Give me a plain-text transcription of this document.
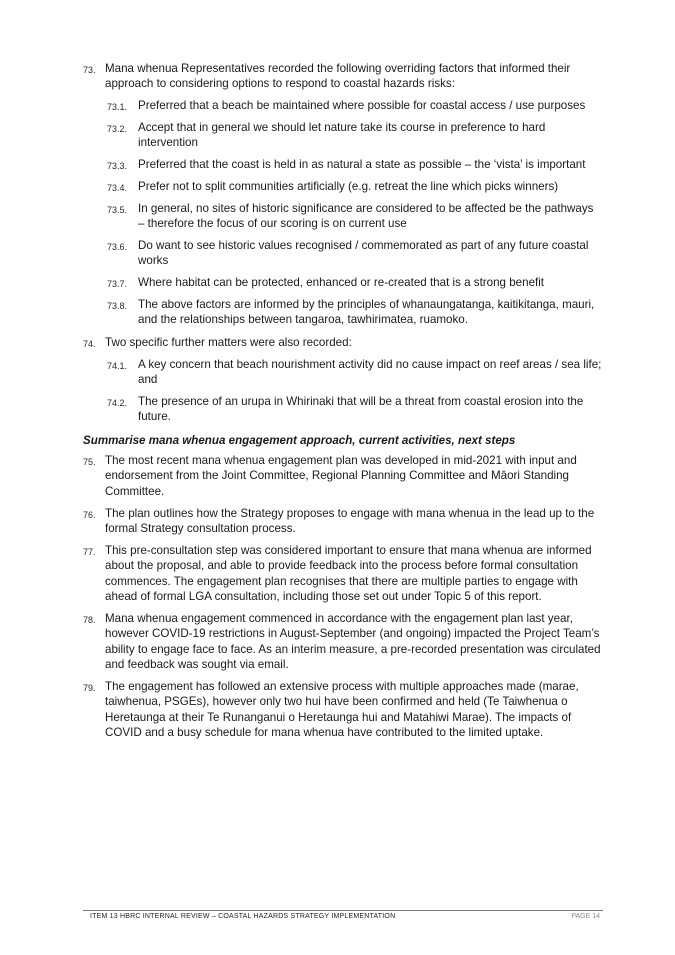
73. Mana whenua Representatives recorded the following overriding factors that informed their approach to considering options to respond to coastal hazards risks:
73.1. Preferred that a beach be maintained where possible for coastal access / use purposes
73.2. Accept that in general we should let nature take its course in preference to hard intervention
73.3. Preferred that the coast is held in as natural a state as possible – the ‘vista’ is important
73.4. Prefer not to split communities artificially (e.g. retreat the line which picks winners)
73.5. In general, no sites of historic significance are considered to be affected be the pathways – therefore the focus of our scoring is on current use
73.6. Do want to see historic values recognised / commemorated as part of any future coastal works
73.7. Where habitat can be protected, enhanced or re-created that is a strong benefit
73.8. The above factors are informed by the principles of whanaungatanga, kaitikitanga, mauri, and the relationships between tangaroa, tawhirimatea, ruamoko.
74. Two specific further matters were also recorded:
74.1. A key concern that beach nourishment activity did no cause impact on reef areas / sea life; and
74.2. The presence of an urupa in Whirinaki that will be a threat from coastal erosion into the future.
Summarise mana whenua engagement approach, current activities, next steps
75. The most recent mana whenua engagement plan was developed in mid-2021 with input and endorsement from the Joint Committee, Regional Planning Committee and Māori Standing Committee.
76. The plan outlines how the Strategy proposes to engage with mana whenua in the lead up to the formal Strategy consultation process.
77. This pre-consultation step was considered important to ensure that mana whenua are informed about the proposal, and able to provide feedback into the process before formal consultation commences. The engagement plan recognises that there are multiple parties to engage with ahead of formal LGA consultation, including those set out under Topic 5 of this report.
78. Mana whenua engagement commenced in accordance with the engagement plan last year, however COVID-19 restrictions in August-September (and ongoing) impacted the Project Team’s ability to engage face to face. As an interim measure, a pre-recorded presentation was circulated and feedback was sought via email.
79. The engagement has followed an extensive process with multiple approaches made (marae, taiwhenua, PSGEs), however only two hui have been confirmed and held (Te Taiwhenua o Heretaunga at their Te Runanganui o Heretaunga hui and Matahiwi Marae). The impacts of COVID and a busy schedule for mana whenua have contributed to the limited uptake.
ITEM 13 HBRC INTERNAL REVIEW – COASTAL HAZARDS STRATEGY IMPLEMENTATION	PAGE 14
